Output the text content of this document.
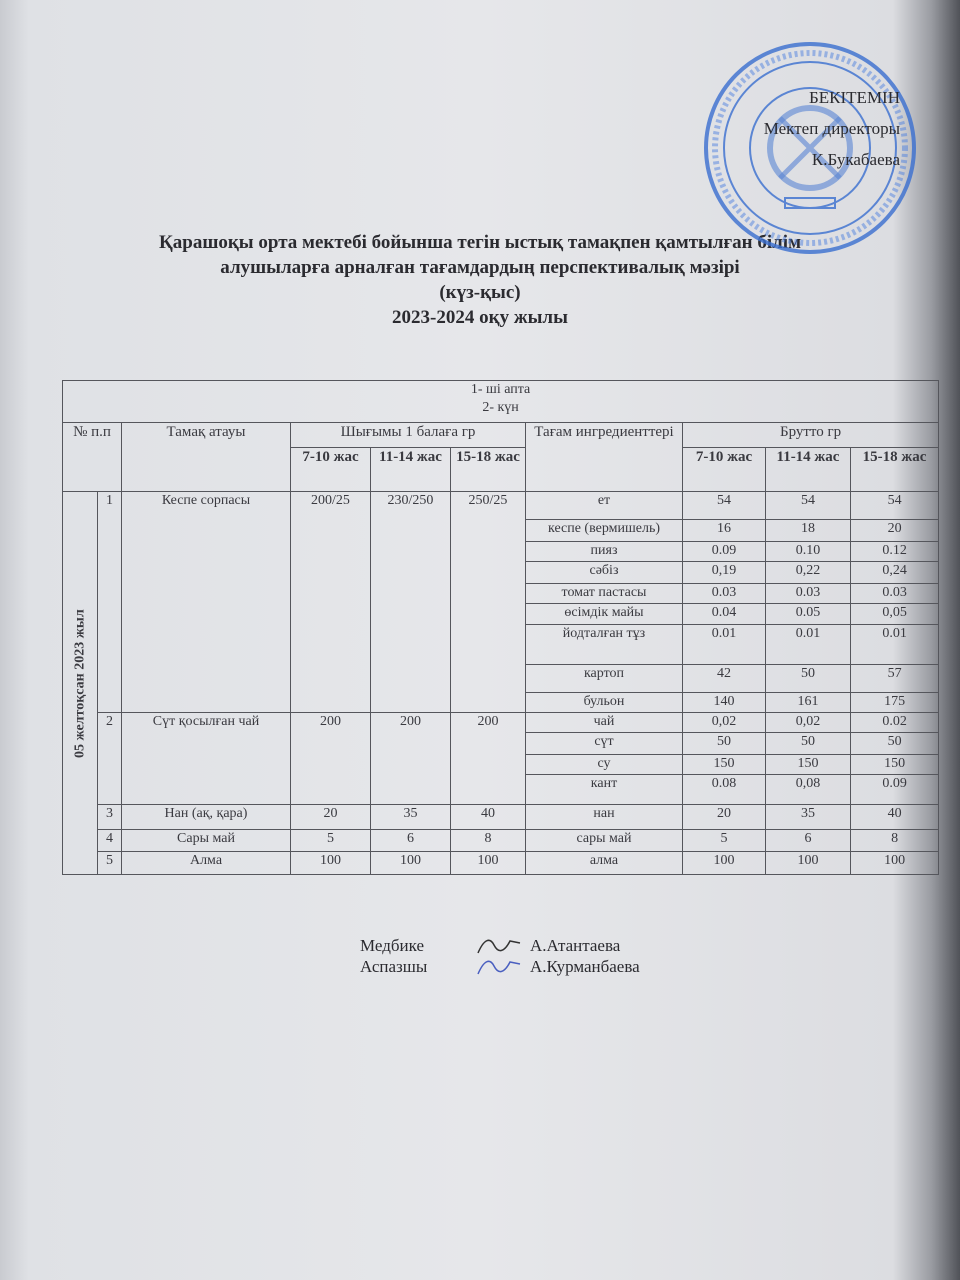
БЕКІТЕМІН
Мектеп директоры
К.Букабаева
Қарашоқы орта мектебі бойынша тегін ыстық тамақпен қамтылған білім
алушыларға арналған тағамдардың перспективалық мәзірі
(күз-қыс)
2023-2024 оқу жылы
1- ші апта
2- күн									

№ п.п		Тамақ атауы	Шығымы 1 балаға гр			Тағам ингредиенттері	Брутто гр		
			7-10 жас	11-14 жас	15-18 жас		7-10 жас	11-14 жас	15-18 жас
05 желтоқсан 2023 жыл	1	Кеспе сорпасы	200/25	230/250	250/25	ет	54	54	54
						кеспе (вермишель)	16	18	20
						пияз	0.09	0.10	0.12
						сәбіз	0,19	0,22	0,24
						томат пастасы	0.03	0.03	0.03
						өсімдік майы	0.04	0.05	0,05
						йодталған тұз	0.01	0.01	0.01
						картоп	42	50	57
						бульон	140	161	175
	2	Сүт қосылған чай	200	200	200	чай	0,02	0,02	0.02
						сүт	50	50	50
						су	150	150	150
						кант	0.08	0,08	0.09
	3	Нан (ақ, қара)	20	35	40	нан	20	35	40
	4	Сары май	5	6	8	сары май	5	6	8
	5	Алма	100	100	100	алма	100	100	100
Медбике	А.Атантаева
Аспазшы	А.Курманбаева
